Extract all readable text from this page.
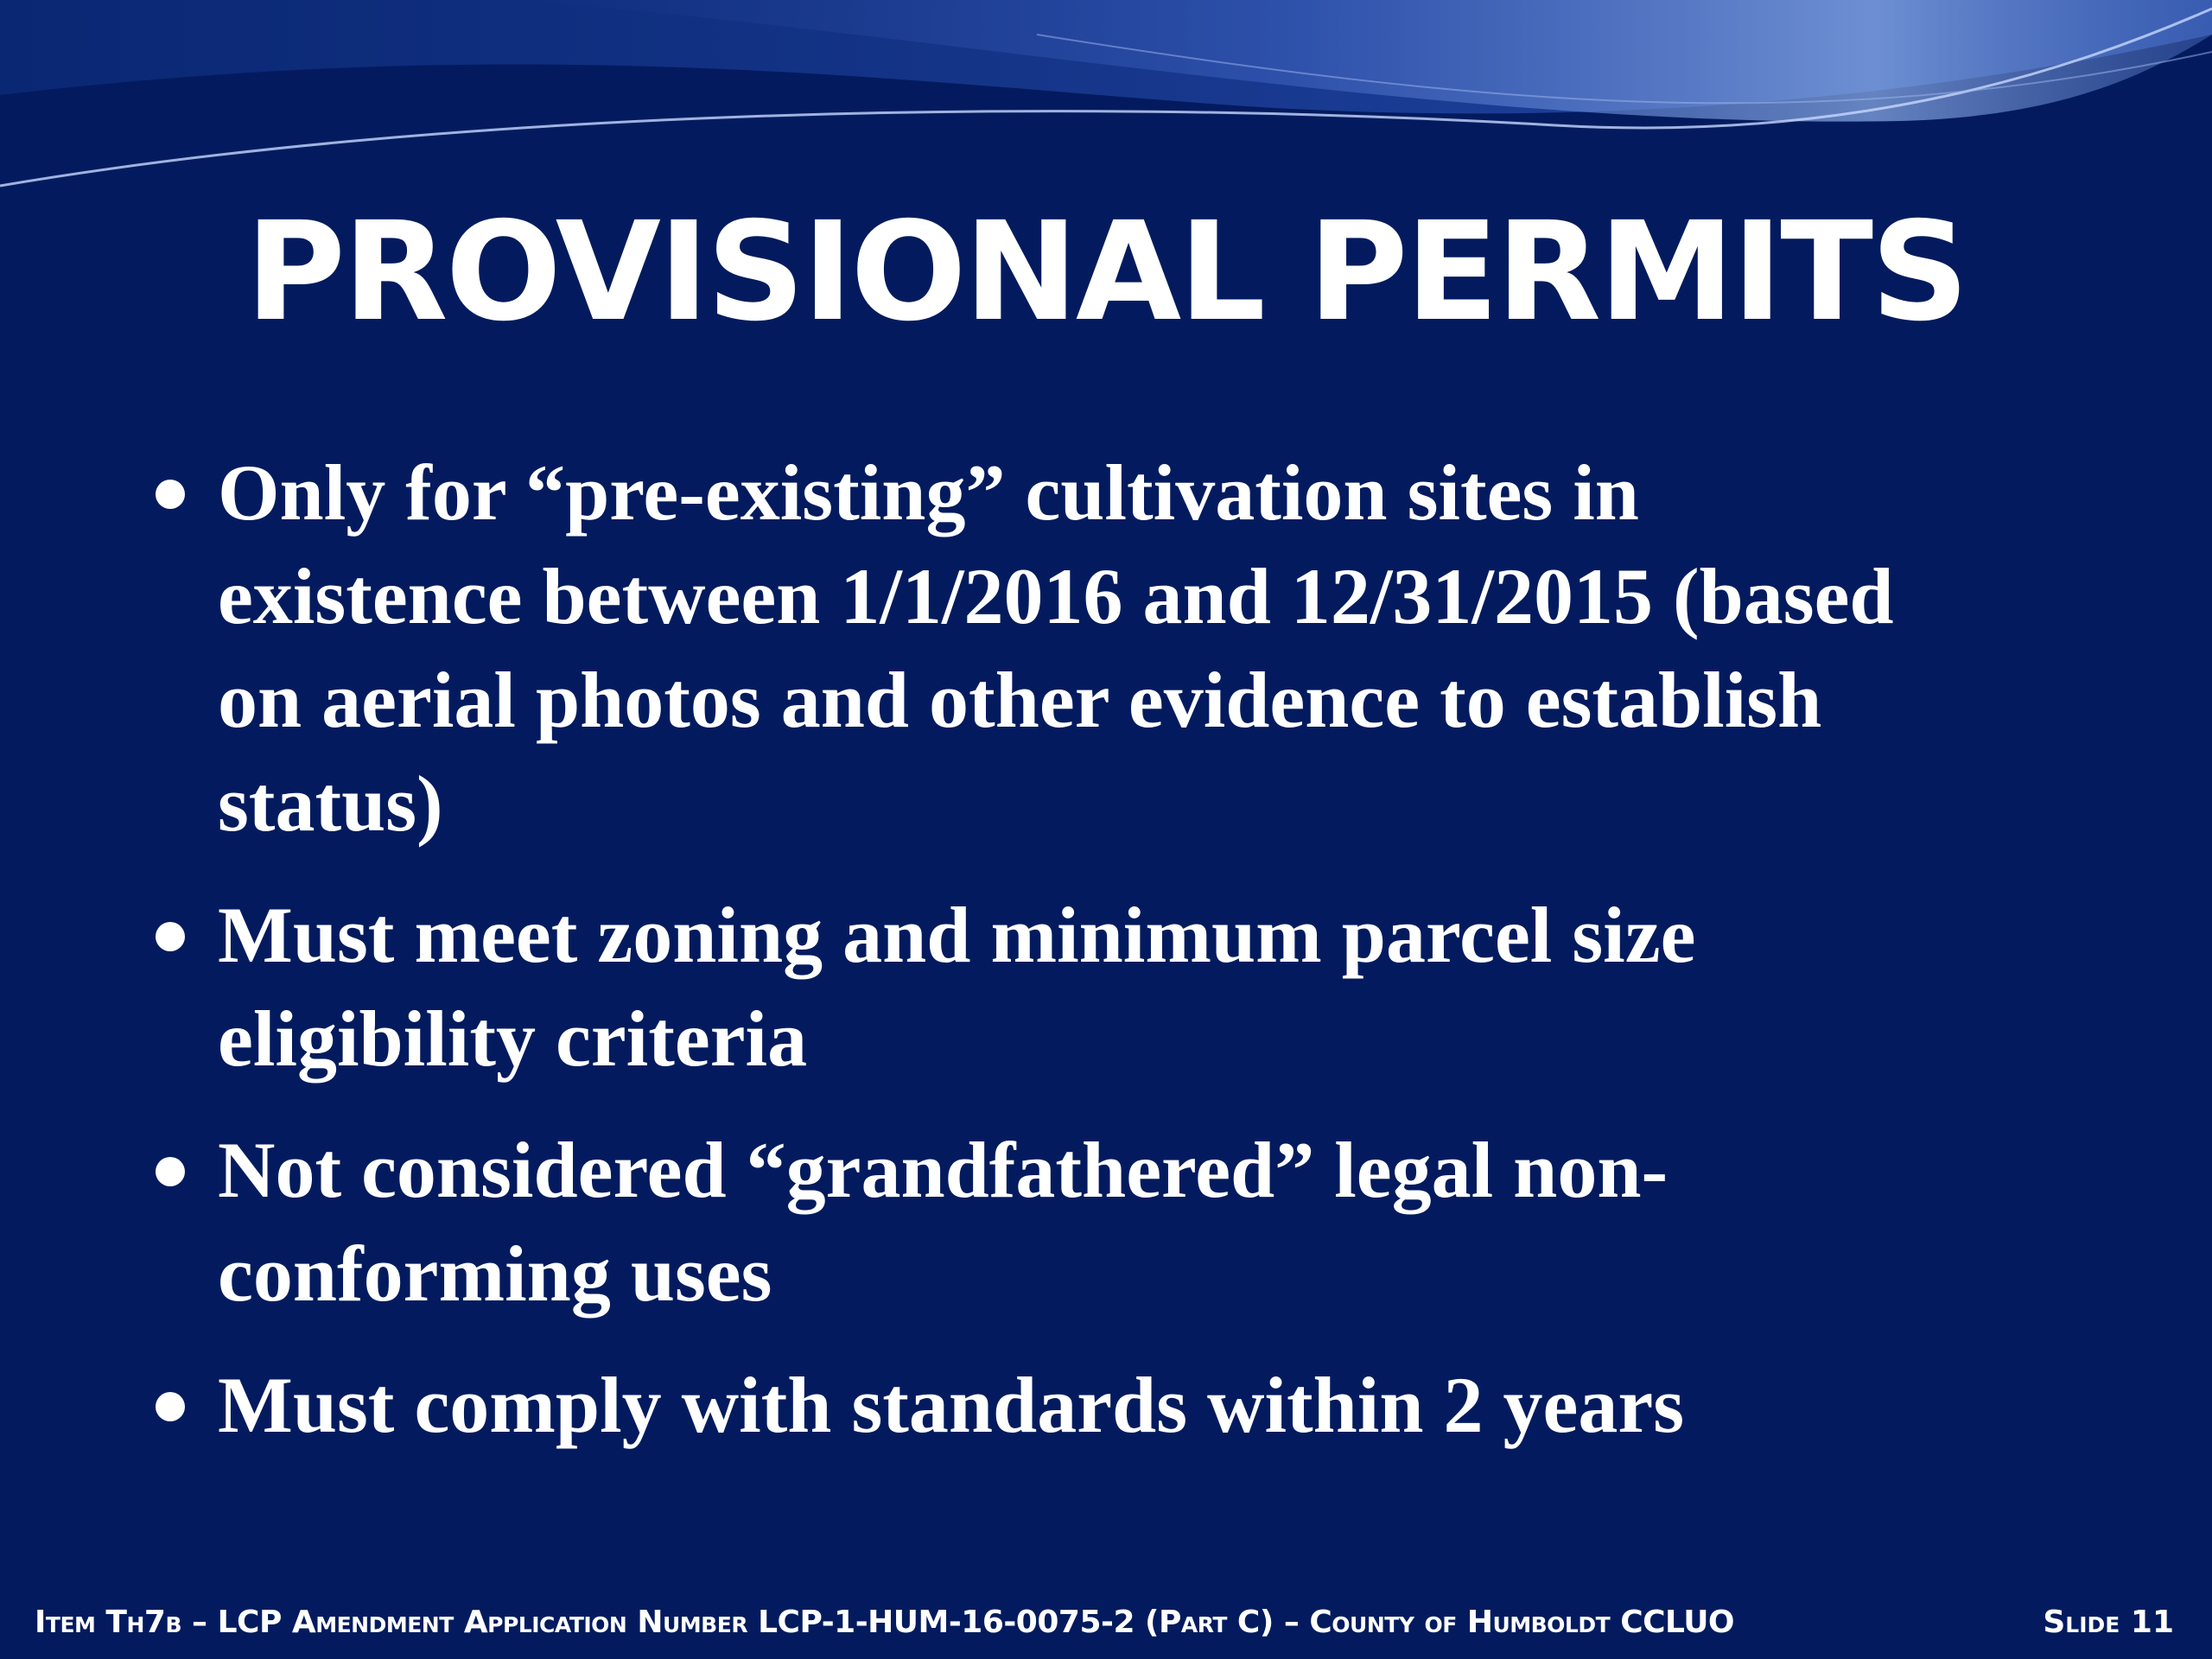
PROVISIONAL PERMITS
Only for “pre-existing” cultivation sites in existence between 1/1/2016 and 12/31/2015 (based on aerial photos and other evidence to establish status)
Must meet zoning and minimum parcel size eligibility criteria
Not considered “grandfathered” legal non-conforming uses
Must comply with standards within 2 years
Item Th7b – LCP Amendment Application Number LCP-1-HUM-16-0075-2 (Part C) – County of Humboldt CCLUO	Slide 11
